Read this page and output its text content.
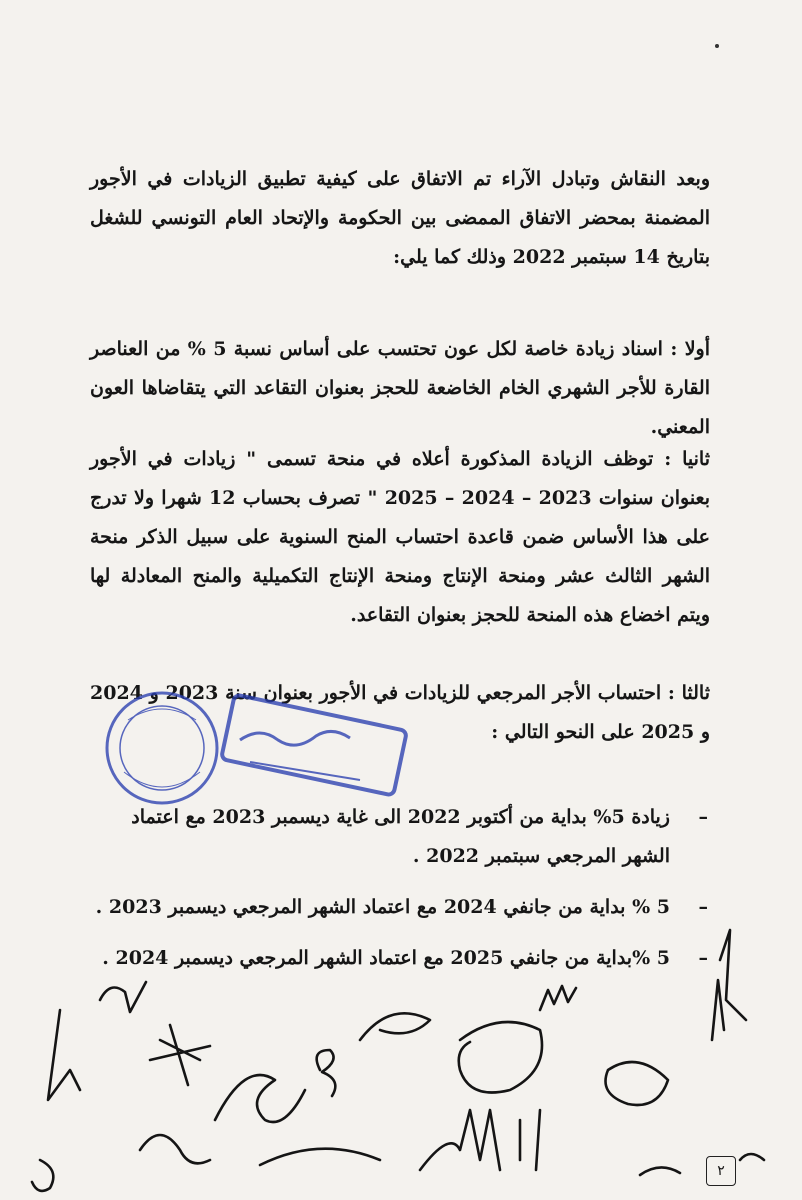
وبعد النقاش وتبادل الآراء تم الاتفاق على كيفية تطبيق الزيادات في الأجور المضمنة بمحضر الاتفاق الممضى بين الحكومة والإتحاد العام التونسي للشغل بتاريخ 14 سبتمبر 2022 وذلك كما يلي:
أولا : اسناد زيادة خاصة لكل عون تحتسب على أساس نسبة 5 % من العناصر القارة للأجر الشهري الخام الخاضعة للحجز بعنوان التقاعد التي يتقاضاها العون المعني.
ثانيا : توظف الزيادة المذكورة أعلاه في منحة تسمى " زيادات في الأجور بعنوان سنوات 2023 – 2024 – 2025 " تصرف بحساب 12 شهرا ولا تدرج على هذا الأساس ضمن قاعدة احتساب المنح السنوية على سبيل الذكر منحة الشهر الثالث عشر ومنحة الإنتاج ومنحة الإنتاج التكميلية والمنح المعادلة لها ويتم اخضاع هذه المنحة للحجز بعنوان التقاعد.
ثالثا : احتساب الأجر المرجعي للزيادات في الأجور بعنوان سنة 2023 و 2024 و 2025 على النحو التالي :
–
زيادة 5% بداية من أكتوبر 2022 الى غاية ديسمبر 2023 مع اعتماد الشهر المرجعي سبتمبر 2022 .
–
5 % بداية من جانفي 2024 مع اعتماد الشهر المرجعي ديسمبر 2023 .
–
5 %بداية من جانفي 2025 مع اعتماد الشهر المرجعي ديسمبر 2024 .
٢
